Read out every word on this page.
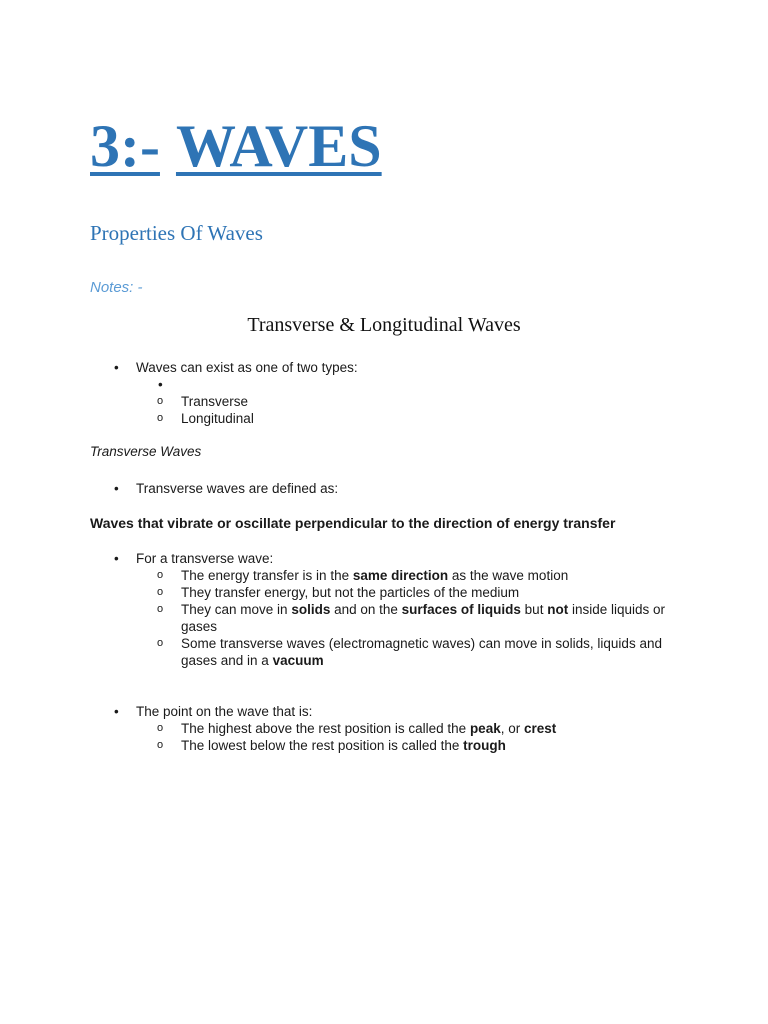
3:- WAVES
Properties Of Waves

Notes: -

Transverse & Longitudinal Waves
• Waves can exist as one of two types:
•
o Transverse
o Longitudinal

Transverse Waves

• Transverse waves are defined as:

Waves that vibrate or oscillate perpendicular to the direction of energy transfer

• For a transverse wave:
o The energy transfer is in the same direction as the wave motion
o They transfer energy, but not the particles of the medium
o They can move in solids and on the surfaces of liquids but not inside liquids or gases
o Some transverse waves (electromagnetic waves) can move in solids, liquids and gases and in a vacuum
• The point on the wave that is:
o The highest above the rest position is called the peak, or crest
o The lowest below the rest position is called the trough
